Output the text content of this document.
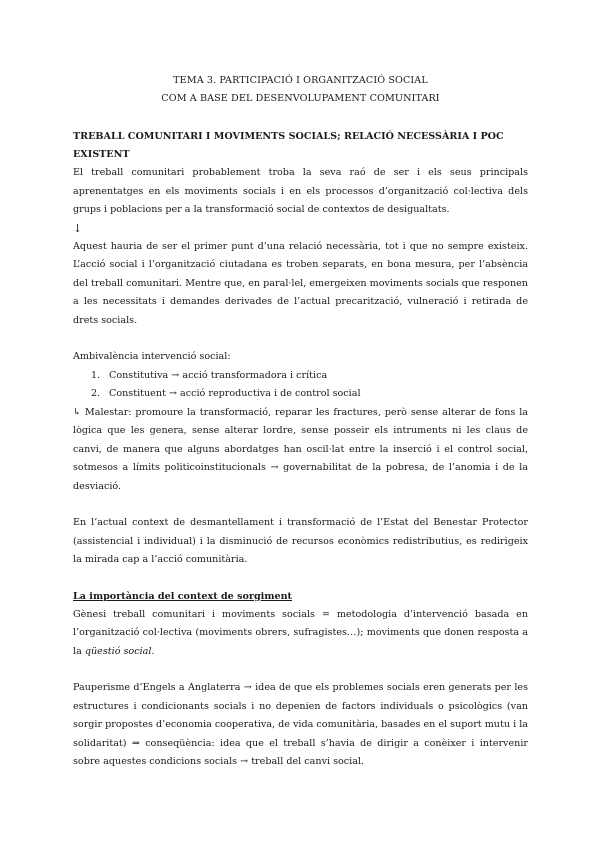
TEMA 3. PARTICIPACIÓ I ORGANITZACIÓ SOCIAL
COM A BASE DEL DESENVOLUPAMENT COMUNITARI
TREBALL COMUNITARI I MOVIMENTS SOCIALS; RELACIÓ NECESSÀRIA I POC EXISTENT

El treball comunitari probablement troba la seva raó de ser i els seus principals aprenentatges en els moviments socials i en els processos d’organització col·lectiva dels grups i poblacions per a la transformació social de contextos de desigualtats.

↓

Aquest hauria de ser el primer punt d’una relació necessària, tot i que no sempre existeix. L’acció social i l’organització ciutadana es troben separats, en bona mesura, per l’absència del treball comunitari. Mentre que, en paral·lel, emergeixen moviments socials que responen a les necessitats i demandes derivades de l’actual precarització, vulneració i retirada de drets socials.

Ambivalència intervenció social:

1. Constitutiva → acció transformadora i crítica
2. Constituent → acció reproductiva i de control social

↳ Malestar: promoure la transformació, reparar les fractures, però sense alterar de fons la lògica que les genera, sense alterar lordre, sense posseir els intruments ni les claus de canvi, de manera que alguns abordatges han oscil·lat entre la inserció i el control social, sotmesos a límits politicoinstitucionals → governabilitat de la pobresa, de l’anomia i de la desviació.

En l’actual context de desmantellament i transformació de l’Estat del Benestar Protector (assistencial i individual) i la disminució de recursos econòmics redistributius, es redirigeix la mirada cap a l’acció comunitària.

La importància del context de sorgiment

Gènesi treball comunitari i moviments socials = metodologia d’intervenció basada en l’organització col·lectiva (moviments obrers, sufragistes…); moviments que donen resposta a la qüestió social.

Pauperisme d’Engels a Anglaterra → idea de que els problemes socials eren generats per les estructures i condicionants socials i no depenien de factors individuals o psicològics (van sorgir propostes d’economia cooperativa, de vida comunitària, basades en el suport mutu i la solidaritat) ⇒ conseqüència: idea que el treball s’havia de dirigir a conèixer i intervenir sobre aquestes condicions socials → treball del canvi social.
